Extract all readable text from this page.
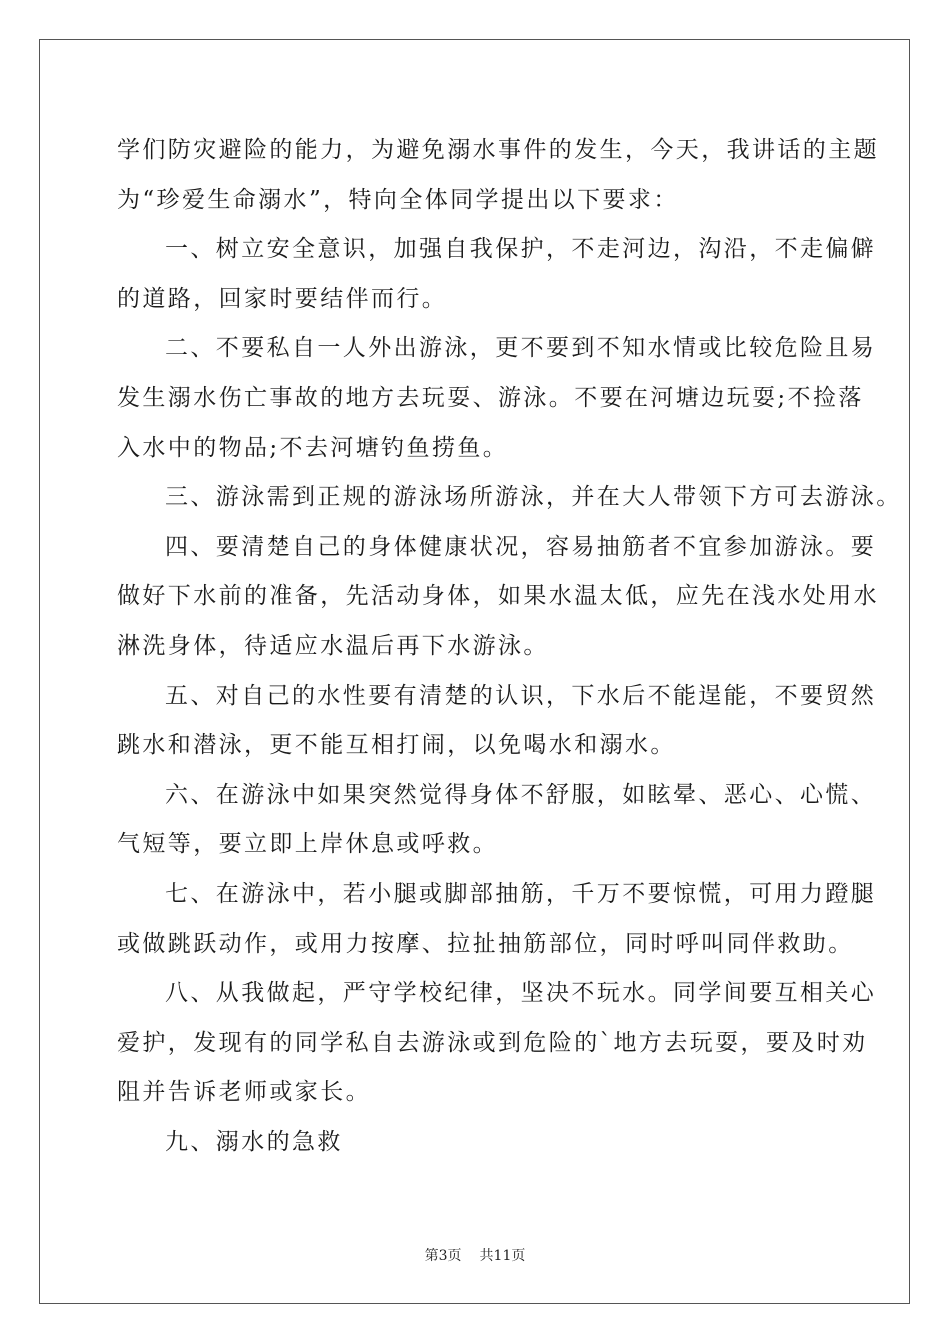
学们防灾避险的能力，为避免溺水事件的发生，今天，我讲话的主题
为“珍爱生命溺水”，特向全体同学提出以下要求：
一、树立安全意识，加强自我保护，不走河边，沟沿，不走偏僻
的道路，回家时要结伴而行。
二、不要私自一人外出游泳，更不要到不知水情或比较危险且易
发生溺水伤亡事故的地方去玩耍、游泳。不要在河塘边玩耍;不捡落
入水中的物品;不去河塘钓鱼捞鱼。
三、游泳需到正规的游泳场所游泳，并在大人带领下方可去游泳。
四、要清楚自己的身体健康状况，容易抽筋者不宜参加游泳。要
做好下水前的准备，先活动身体，如果水温太低，应先在浅水处用水
淋洗身体，待适应水温后再下水游泳。
五、对自己的水性要有清楚的认识，下水后不能逞能，不要贸然
跳水和潜泳，更不能互相打闹，以免喝水和溺水。
六、在游泳中如果突然觉得身体不舒服，如眩晕、恶心、心慌、
气短等，要立即上岸休息或呼救。
七、在游泳中，若小腿或脚部抽筋，千万不要惊慌，可用力蹬腿
或做跳跃动作，或用力按摩、拉扯抽筋部位，同时呼叫同伴救助。
八、从我做起，严守学校纪律，坚决不玩水。同学间要互相关心
爱护，发现有的同学私自去游泳或到危险的`地方去玩耍，要及时劝
阻并告诉老师或家长。
九、溺水的急救
第3页 共11页
